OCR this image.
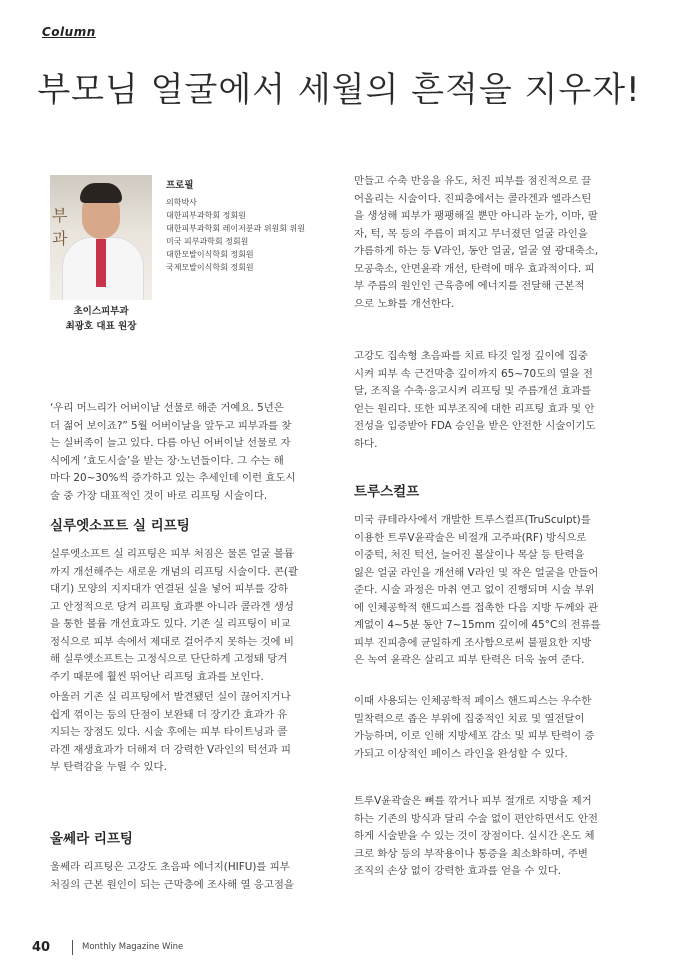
Column
부모님 얼굴에서 세월의 흔적을 지우자!
부과
초이스피부과
최광호 대표 원장
프로필
의학박사
대한피부과학회 정회원
대한피부과학회 레이저분과 위원회 위원
미국 피부과학회 정회원
대한모발이식학회 정회원
국제모발이식학회 정회원
‘우리 머느리가 어버이날 선물로 해준 거예요. 5년은
더 젊어 보이죠?” 5월 어버이날을 앞두고 피부과를 찾
는 실버족이 늘고 있다. 다름 아닌 어버이날 선물로 자
식에게 ‘효도시술’을 받는 장·노년들이다. 그 수는 해
마다 20~30%씩 증가하고 있는 추세인데 이런 효도시
술 중 가장 대표적인 것이 바로 리프팅 시술이다.
실루엣소프트 실 리프팅
실루엣소프트 실 리프팅은 피부 처짐은 물론 얼굴 볼륨
까지 개선해주는 새로운 개념의 리프팅 시술이다. 콘(괄
대기) 모양의 지지대가 연결된 실을 넣어 피부를 강하
고 안정적으로 당겨 리프팅 효과뿐 아니라 콜라겐 생성
을 통한 볼륨 개선효과도 있다. 기존 실 리프팅이 비교
정식으로 피부 속에서 제대로 걸어주지 못하는 것에 비
해 실루엣소프트는 고정식으로 단단하게 고정돼 당겨
주기 때문에 훨씬 뛰어난 리프팅 효과를 보인다.
아울러 기존 실 리프팅에서 발견됐던 실이 끊어지거나
쉽게 꺾이는 등의 단점이 보완돼 더 장기간 효과가 유
지되는 장점도 있다. 시술 후에는 피부 타이트닝과 콜
라겐 재생효과가 더해져 더 강력한 V라인의 턱선과 피
부 탄력감을 누릴 수 있다.
울쎄라 리프팅
울쎄라 리프팅은 고강도 초음파 에너지(HIFU)를 피부
처짐의 근본 원인이 되는 근막층에 조사해 열 응고점을
만들고 수축 반응을 유도, 처진 피부를 점진적으로 끌
어올리는 시술이다. 진피층에서는 콜라겐과 엘라스틴
을 생성해 피부가 팽팽해질 뿐만 아니라 눈가, 이마, 팔
자, 턱, 목 등의 주름이 펴지고 무너졌던 얼굴 라인을
갸름하게 하는 등 V라인, 동안 얼굴, 얼굴 옆 광대축소,
모공축소, 안면윤곽 개선, 탄력에 매우 효과적이다. 피
부 주름의 원인인 근육층에 에너지를 전달해 근본적
으로 노화를 개선한다.
고강도 집속형 초음파를 치료 타깃 일정 깊이에 집중
시켜 피부 속 근건막층 깊이까지 65~70도의 열을 전
달, 조직을 수축·응고시켜 리프팅 및 주름개선 효과를
얻는 원리다. 또한 피부조직에 대한 리프팅 효과 및 안
전성을 입증받아 FDA 승인을 받은 안전한 시술이기도
하다.
트루스컬프
미국 큐테라사에서 개발한 트루스컬프(TruSculpt)를
이용한 트루V윤곽술은 비절개 고주파(RF) 방식으로
이중턱, 처진 턱선, 늘어진 볼살이나 목살 등 탄력을
잃은 얼굴 라인을 개선해 V라인 및 작은 얼굴을 만들어
준다. 시술 과정은 마취 연고 없이 진행되며 시술 부위
에 인체공학적 핸드피스를 접촉한 다음 지방 두께와 관
계없이 4~5분 동안 7~15mm 깊이에 45°C의 전류를
피부 진피층에 균일하게 조사함으로써 불필요한 지방
은 녹여 윤곽은 살리고 피부 탄력은 더욱 높여 준다.
이때 사용되는 인체공학적 페이스 핸드피스는 우수한
밀착력으로 좁은 부위에 집중적인 치료 및 열전달이
가능하며, 이로 인해 지방세포 감소 및 피부 탄력이 증
가되고 이상적인 페이스 라인을 완성할 수 있다.
트루V윤곽술은 뼈를 깎거나 피부 절개로 지방을 제거
하는 기존의 방식과 달리 수술 없이 편안하면서도 안전
하게 시술받을 수 있는 것이 장점이다. 실시간 온도 체
크로 화상 등의 부작용이나 통증을 최소화하며, 주변
조직의 손상 없이 강력한 효과를 얻을 수 있다.
40	Monthly Magazine Wine
